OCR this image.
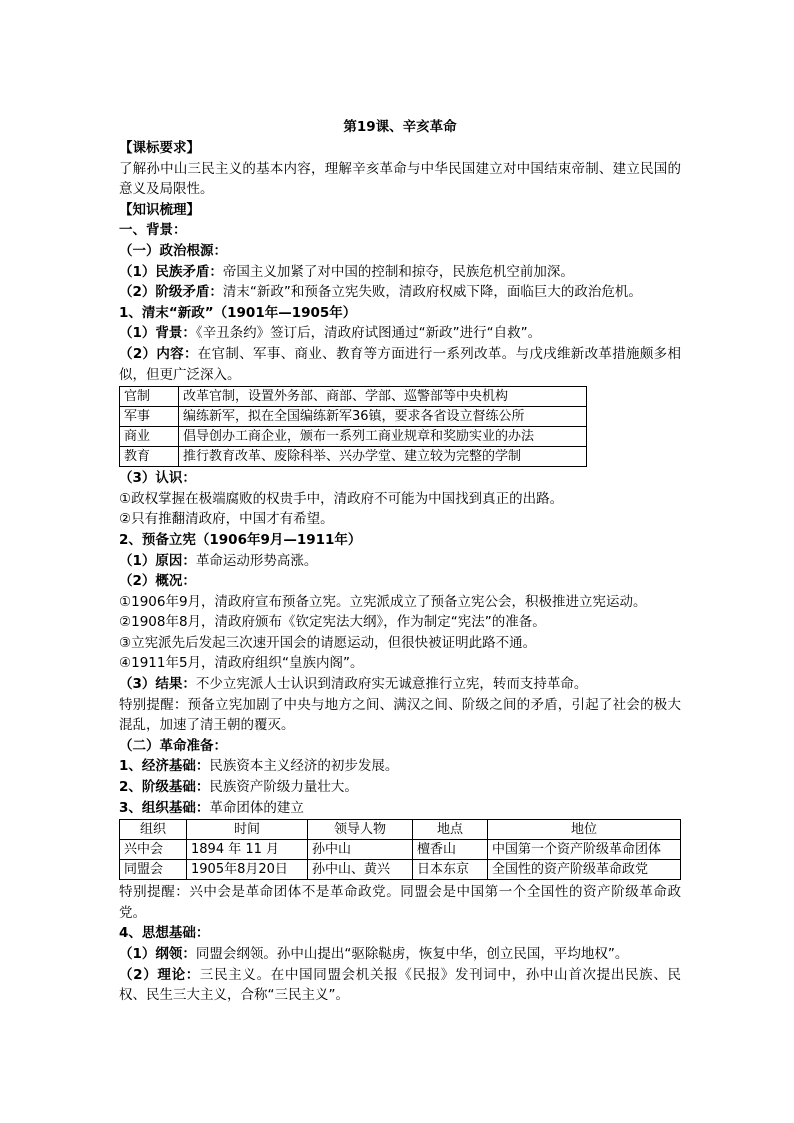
第19课、辛亥革命
【课标要求】
了解孙中山三民主义的基本内容，理解辛亥革命与中华民国建立对中国结束帝制、建立民国的意义及局限性。
【知识梳理】
一、背景：
（一）政治根源：
（1）民族矛盾：帝国主义加紧了对中国的控制和掠夺，民族危机空前加深。
（2）阶级矛盾：清末“新政”和预备立宪失败，清政府权威下降，面临巨大的政治危机。
1、清末“新政”（1901年—1905年）
（1）背景：《辛丑条约》签订后，清政府试图通过“新政”进行“自救”。
（2）内容：在官制、军事、商业、教育等方面进行一系列改革。与戊戌维新改革措施颇多相似，但更广泛深入。
官制	改革官制，设置外务部、商部、学部、巡警部等中央机构
军事	编练新军，拟在全国编练新军36镇，要求各省设立督练公所
商业	倡导创办工商企业，颁布一系列工商业规章和奖励实业的办法
教育	推行教育改革、废除科举、兴办学堂、建立较为完整的学制
（3）认识：
①政权掌握在极端腐败的权贵手中，清政府不可能为中国找到真正的出路。
②只有推翻清政府，中国才有希望。
2、预备立宪（1906年9月—1911年）
（1）原因：革命运动形势高涨。
（2）概况：
①1906年9月，清政府宣布预备立宪。立宪派成立了预备立宪公会，积极推进立宪运动。
②1908年8月，清政府颁布《钦定宪法大纲》，作为制定“宪法”的准备。
③立宪派先后发起三次速开国会的请愿运动，但很快被证明此路不通。
④1911年5月，清政府组织“皇族内阁”。
（3）结果：不少立宪派人士认识到清政府实无诚意推行立宪，转而支持革命。
特别提醒：预备立宪加剧了中央与地方之间、满汉之间、阶级之间的矛盾，引起了社会的极大混乱，加速了清王朝的覆灭。
（二）革命准备：
1、经济基础：民族资本主义经济的初步发展。
2、阶级基础：民族资产阶级力量壮大。
3、组织基础：革命团体的建立
组织	时间	领导人物	地点	地位
兴中会	1894 年 11 月	孙中山	檀香山	中国第一个资产阶级革命团体
同盟会	1905年8月20日	孙中山、黄兴	日本东京	全国性的资产阶级革命政党
特别提醒：兴中会是革命团体不是革命政党。同盟会是中国第一个全国性的资产阶级革命政党。
4、思想基础：
（1）纲领：同盟会纲领。孙中山提出“驱除鞑虏，恢复中华，创立民国，平均地权”。
（2）理论：三民主义。在中国同盟会机关报《民报》发刊词中，孙中山首次提出民族、民权、民生三大主义，合称“三民主义”。
